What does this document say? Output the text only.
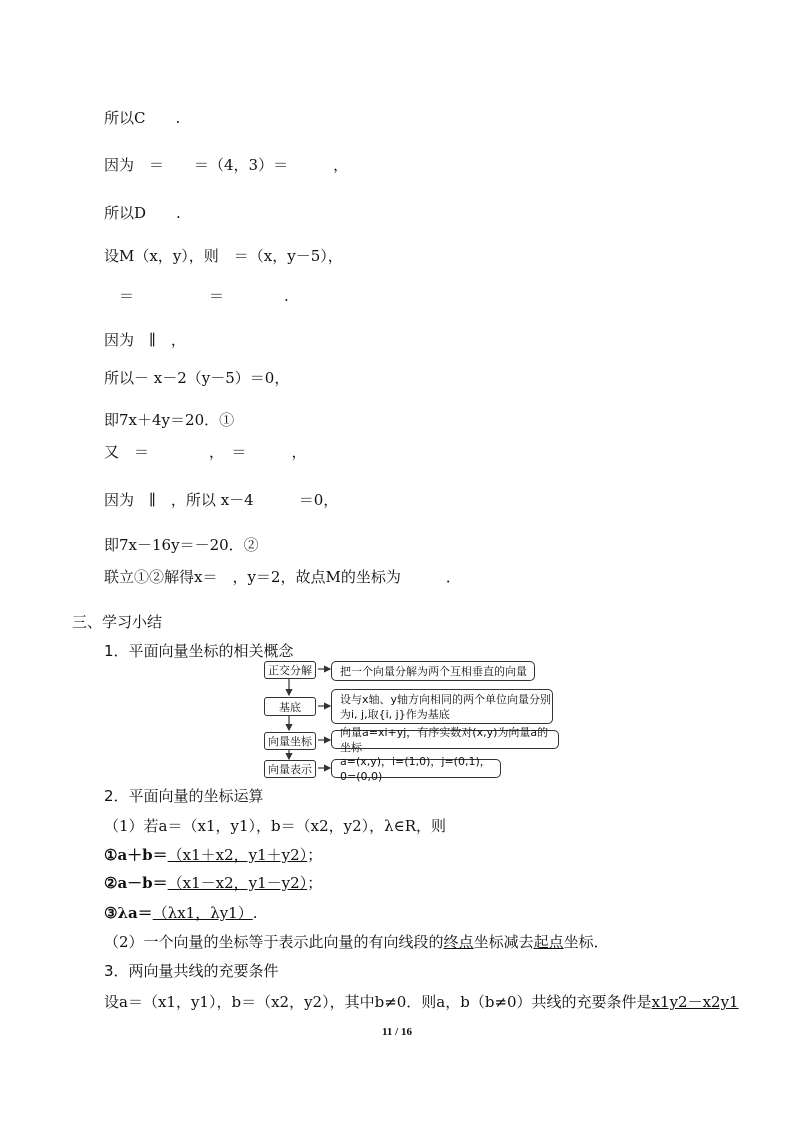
所以C　　.
因为　＝　　＝（4，3）＝　　　，
所以D　　.
设M（x，y），则　＝（x，y－5），
　＝　　　　　＝　　　　.
因为　∥　，
所以－ x－2（y－5）＝0，
即7x＋4y＝20．①
又　＝　　　　，　＝　　　，
因为　∥　，所以 x－4　　　＝0，
即7x－16y＝－20．②
联立①②解得x＝　，y＝2，故点M的坐标为　　　．
三、学习小结
1．平面向量坐标的相关概念
正交分解
基底
向量坐标
向量表示
把一个向量分解为两个互相垂直的向量
设与x轴、y轴方向相同的两个单位向量分别为i, j,取{i, j}作为基底
向量a=xi+yj，有序实数对(x,y)为向量a的坐标
a=(x,y)，i=(1,0)，j=(0,1)，0=(0,0)
2．平面向量的坐标运算
（1）若a＝（x1，y1），b＝（x2，y2），λ∈R，则
①a＋b＝（x1＋x2，y1＋y2）；
②a－b＝（x1－x2，y1－y2）；
③λa＝（λx1，λy1）.
（2）一个向量的坐标等于表示此向量的有向线段的终点坐标减去起点坐标．
3．两向量共线的充要条件
设a＝（x1，y1），b＝（x2，y2），其中b≠0．则a，b（b≠0）共线的充要条件是x1y2－x2y1
11 / 16
